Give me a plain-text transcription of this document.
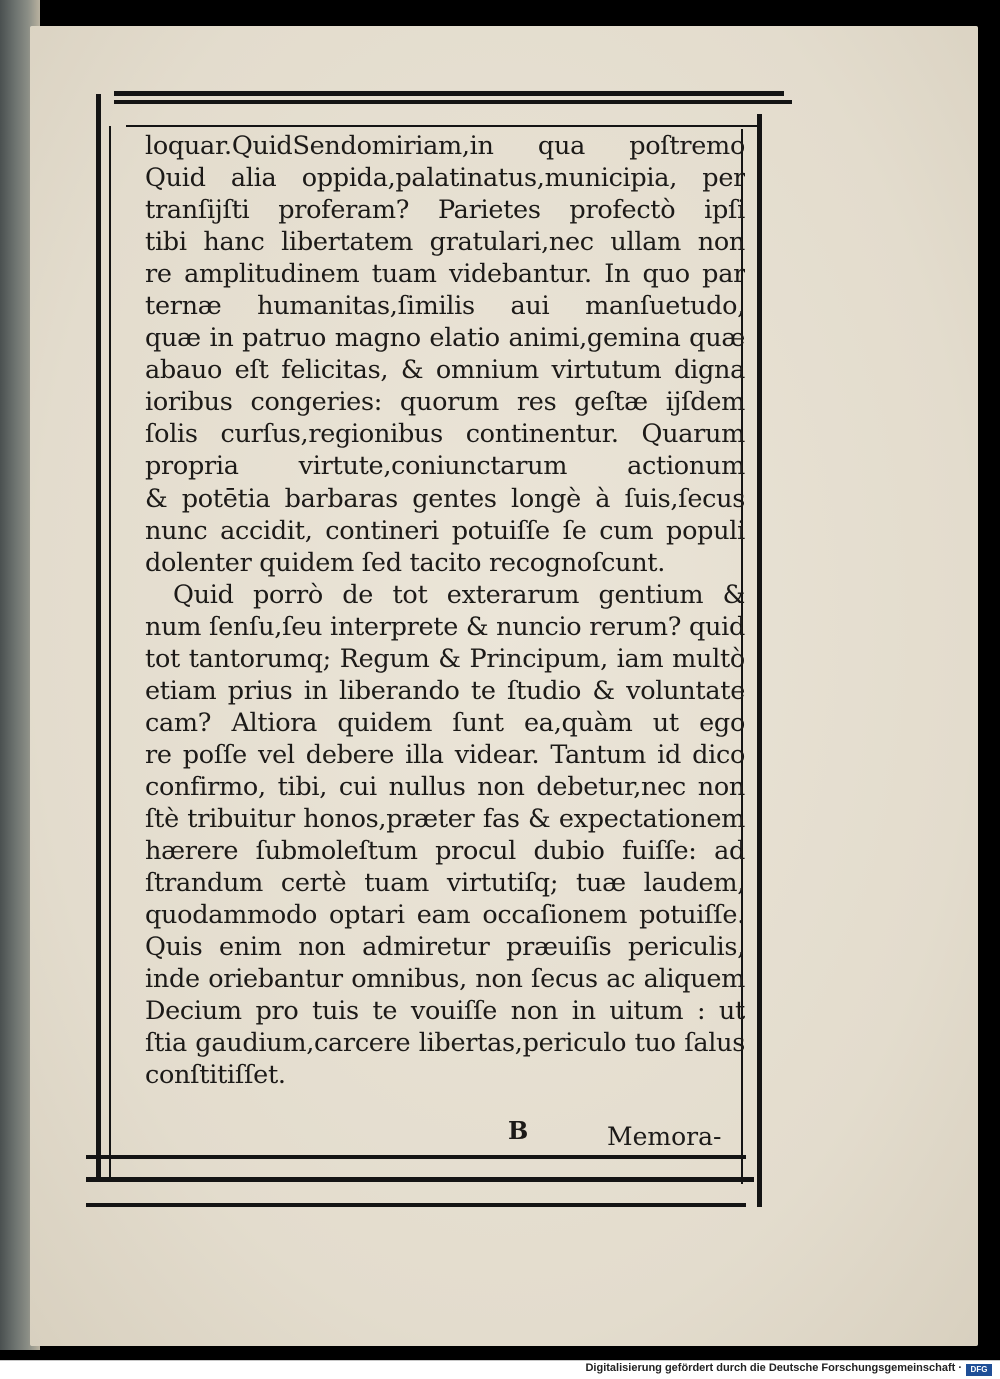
loquar.QuidSendomiriam,in qua poſtremo
Quid alia oppida,palatinatus,municipia, per
tranſijſti proferam? Parietes profectò ipſi
tibi hanc libertatem gratulari,nec ullam non
re amplitudinem tuam videbantur. In quo par
ternæ humanitas,ſimilis aui manſuetudo,
quæ in patruo magno elatio animi,gemina quæ
abauo eſt felicitas, & omnium virtutum digna
ioribus congeries: quorum res geſtæ ijſdem
ſolis curſus,regionibus continentur. Quarum
propria virtute,coniunctarum actionum
& potētia barbaras gentes longè à ſuis,ſecus
nunc accidit, contineri potuiſſe ſe cum populi
dolenter quidem ſed tacito recognoſcunt.
Quid porrò de tot exterarum gentium &
num ſenſu,ſeu interprete & nuncio rerum? quid
tot tantorumq; Regum & Principum, iam multò
etiam prius in liberando te ſtudio & voluntate
cam? Altiora quidem ſunt ea,quàm ut ego
re poſſe vel debere illa videar. Tantum id dico
confirmo, tibi, cui nullus non debetur,nec non
ſtè tribuitur honos,præter fas & expectationem
hærere ſubmoleſtum procul dubio fuiſſe: ad
ſtrandum certè tuam virtutiſq; tuæ laudem,
quodammodo optari eam occaſionem potuiſſe.
Quis enim non admiretur præuiſis periculis,
inde oriebantur omnibus, non ſecus ac aliquem
Decium pro tuis te vouiſſe non in uitum : ut
ſtia gaudium,carcere libertas,periculo tuo ſalus
conſtitiſſet.
B	Memora-
Digitalisierung gefördert durch die Deutsche Forschungsgemeinschaft ·	DFG
